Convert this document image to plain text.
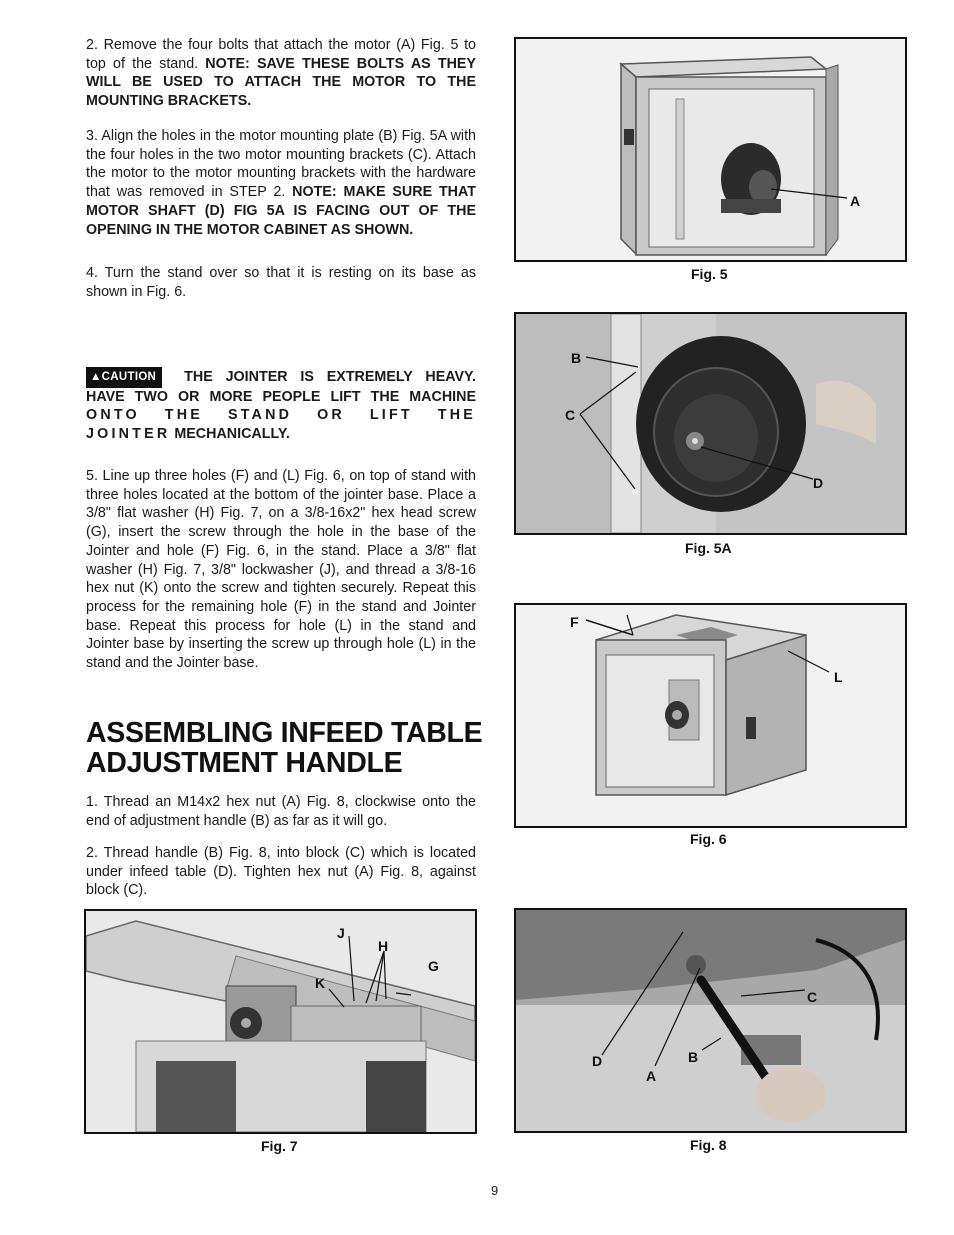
2. Remove the four bolts that attach the motor (A) Fig. 5 to top of the stand. NOTE: SAVE THESE BOLTS AS THEY WILL BE USED TO ATTACH THE MOTOR TO THE MOUNTING BRACKETS.

3. Align the holes in the motor mounting plate (B) Fig. 5A with the four holes in the two motor mounting brackets (C). Attach the motor to the motor mounting brackets with the hardware that was removed in STEP 2. NOTE: MAKE SURE THAT MOTOR SHAFT (D) FIG 5A IS FACING OUT OF THE OPENING IN THE MOTOR CABINET AS SHOWN.

4. Turn the stand over so that it is resting on its base as shown in Fig. 6.

▲CAUTION THE JOINTER IS EXTREMELY HEAVY. HAVE TWO OR MORE PEOPLE LIFT THE MACHINE ONTO THE STAND OR LIFT THE JOINTER MECHANICALLY.

5. Line up three holes (F) and (L) Fig. 6, on top of stand with three holes located at the bottom of the jointer base. Place a 3/8" flat washer (H) Fig. 7, on a 3/8-16x2" hex head screw (G), insert the screw through the hole in the base of the Jointer and hole (F) Fig. 6, in the stand. Place a 3/8" flat washer (H) Fig. 7, 3/8" lockwasher (J), and thread a 3/8-16 hex nut (K) onto the screw and tighten securely. Repeat this process for the remaining hole (F) in the stand and Jointer base. Repeat this process for hole (L) in the stand and Jointer base by inserting the screw up through hole (L) in the stand and the Jointer base.

ASSEMBLING INFEED TABLE
ADJUSTMENT HANDLE

1. Thread an M14x2 hex nut (A) Fig. 8, clockwise onto the end of adjustment handle (B) as far as it will go.

2. Thread handle (B) Fig. 8, into block (C) which is located under infeed table (D). Tighten hex nut (A) Fig. 8, against block (C).

A
Fig. 5
B
C
D
Fig. 5A
F
L
Fig. 6
J
H
G
K
Fig. 7
C
D
A
B
Fig. 8
9
